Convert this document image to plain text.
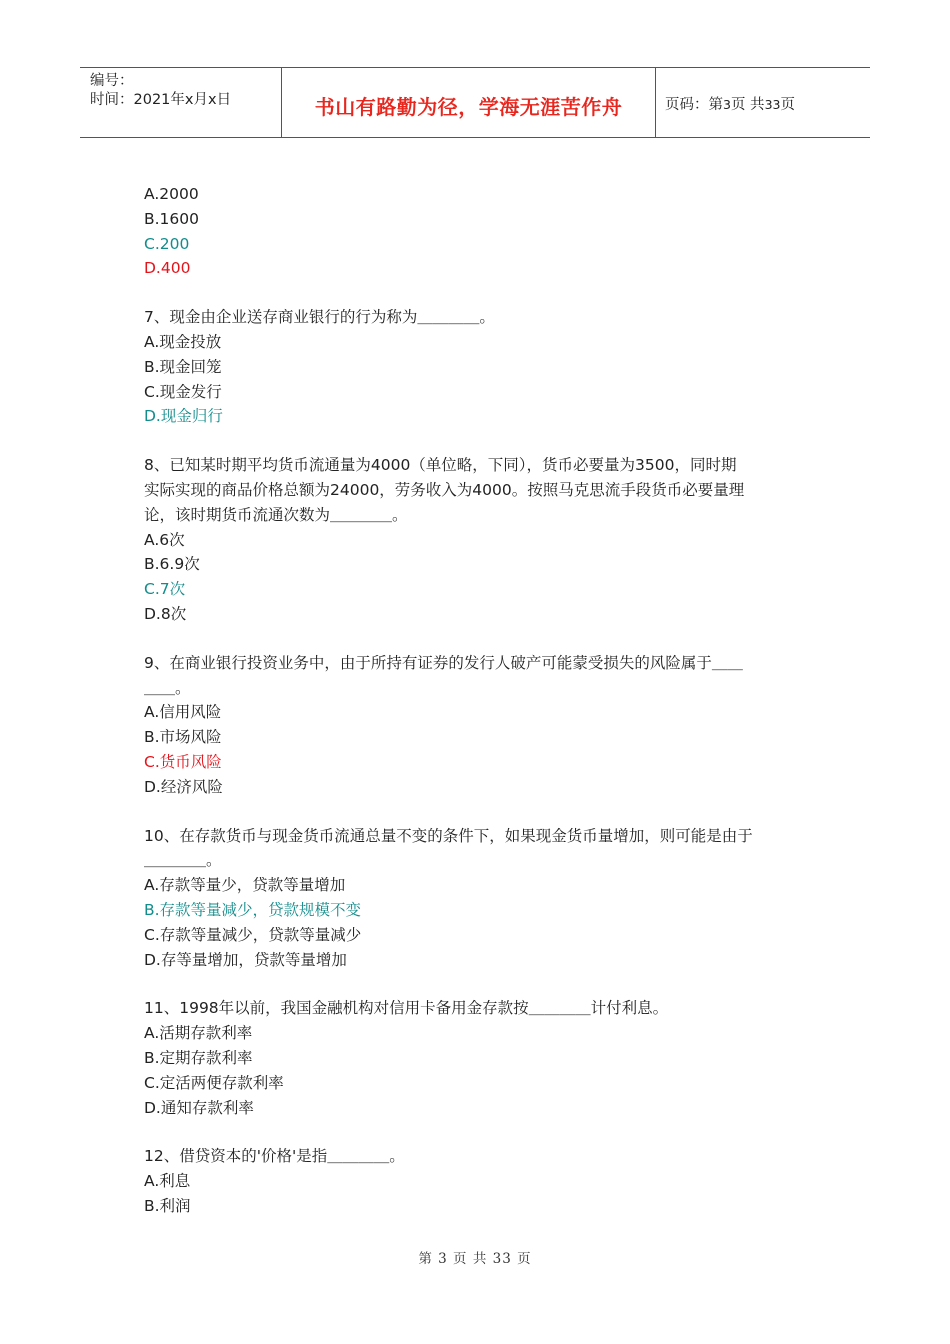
编号：
时间：2021年x月x日	书山有路勤为径，学海无涯苦作舟	页码：第3页 共33页
A.2000
B.1600
C.200
D.400
7、现金由企业送存商业银行的行为称为＿＿＿＿。
A.现金投放
B.现金回笼
C.现金发行
D.现金归行
8、已知某时期平均货币流通量为4000（单位略，下同），货币必要量为3500，同时期
实际实现的商品价格总额为24000，劳务收入为4000。按照马克思流手段货币必要量理
论，该时期货币流通次数为＿＿＿＿。
A.6次
B.6.9次
C.7次
D.8次
9、在商业银行投资业务中，由于所持有证券的发行人破产可能蒙受损失的风险属于＿＿
＿＿。
A.信用风险
B.市场风险
C.货币风险
D.经济风险
10、在存款货币与现金货币流通总量不变的条件下，如果现金货币量增加，则可能是由于
＿＿＿＿。
A.存款等量少，贷款等量增加
B.存款等量减少，贷款规模不变
C.存款等量减少，贷款等量减少
D.存等量增加，贷款等量增加
11、1998年以前，我国金融机构对信用卡备用金存款按＿＿＿＿计付利息。
A.活期存款利率
B.定期存款利率
C.定活两便存款利率
D.通知存款利率
12、借贷资本的'价格'是指＿＿＿＿。
A.利息
B.利润
第 3 页 共 33 页
